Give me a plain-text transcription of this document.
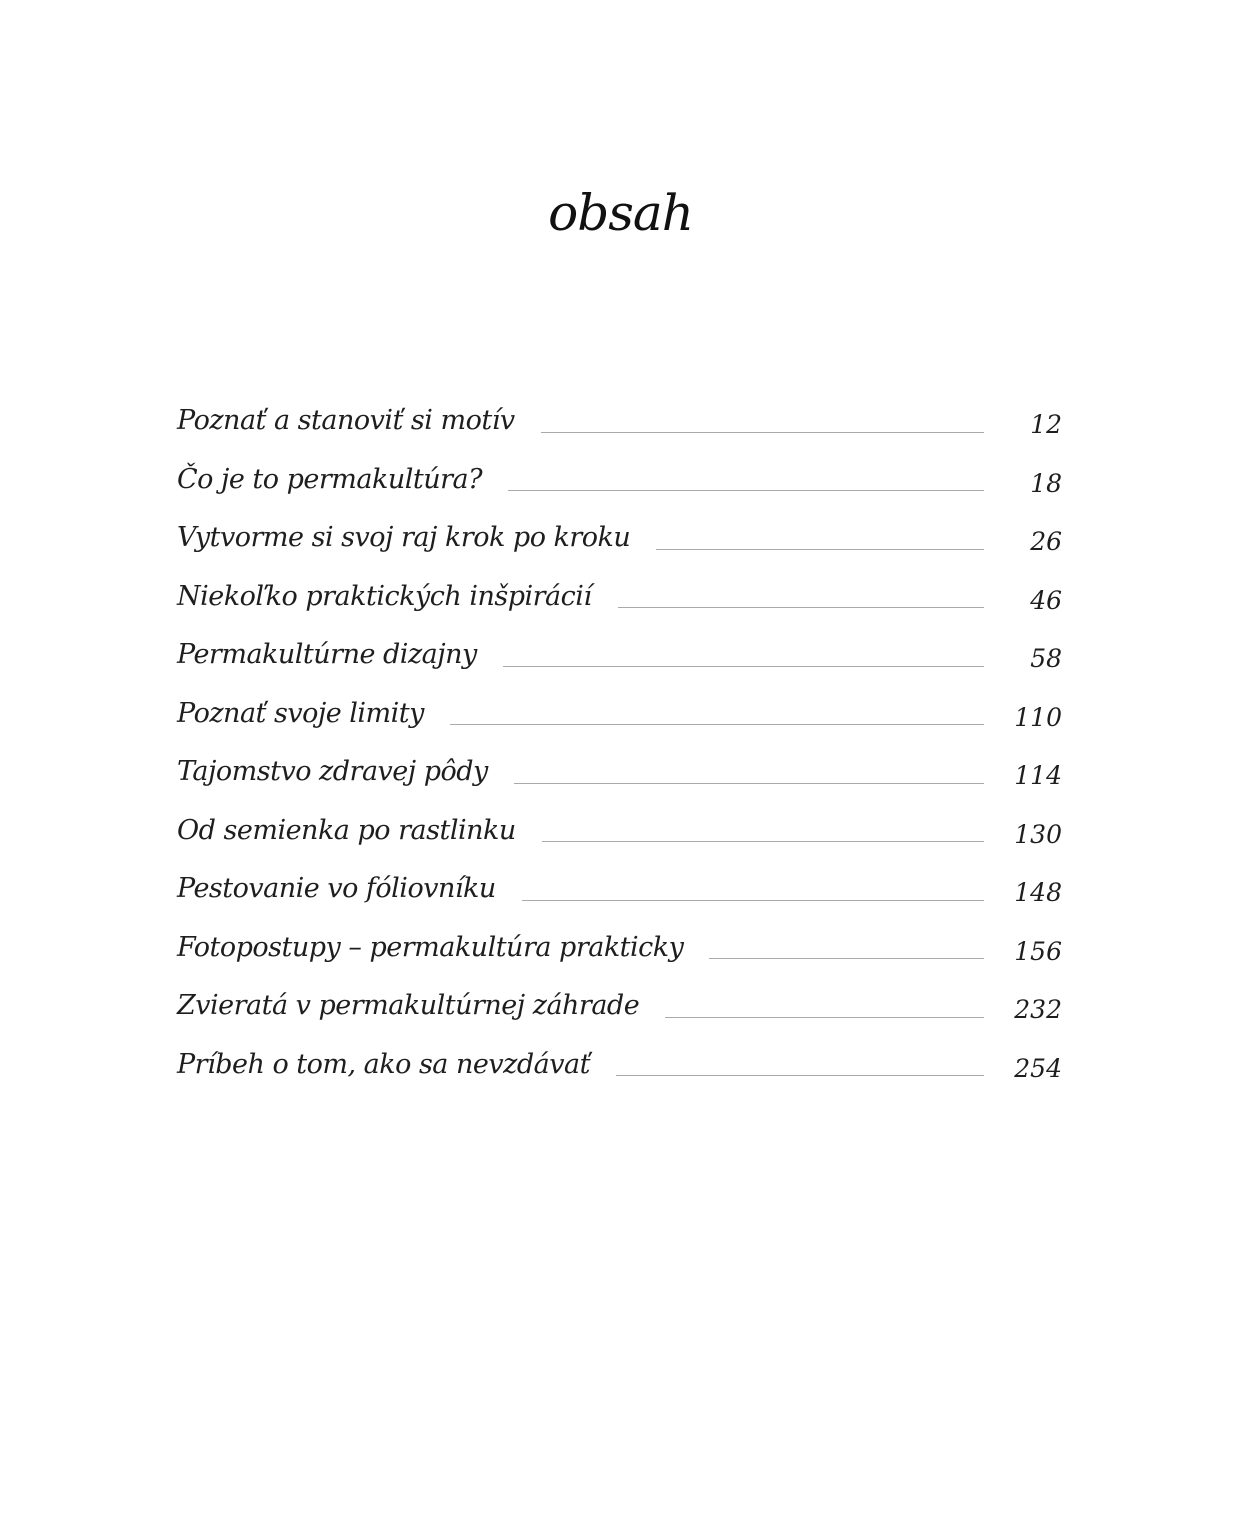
obsah
Poznať a stanoviť si motív	12
Čo je to permakultúra?	18
Vytvorme si svoj raj krok po kroku	26
Niekoľko praktických inšpirácií	46
Permakultúrne dizajny	58
Poznať svoje limity	110
Tajomstvo zdravej pôdy	114
Od semienka po rastlinku	130
Pestovanie vo fóliovníku	148
Fotopostupy – permakultúra prakticky	156
Zvieratá v permakultúrnej záhrade	232
Príbeh o tom, ako sa nevzdávať	254
